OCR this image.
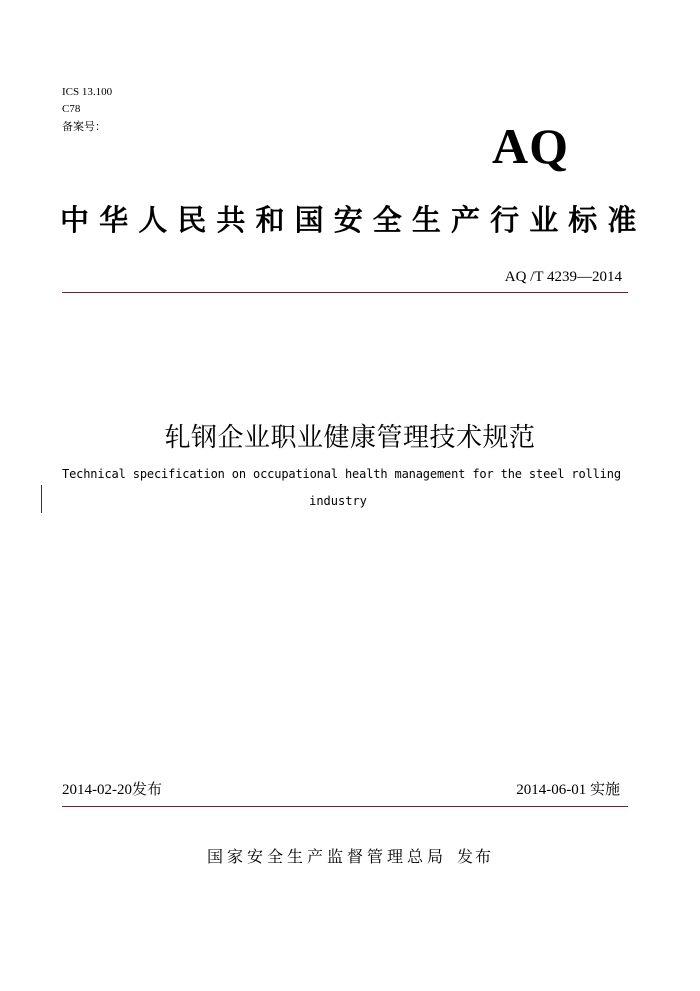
ICS 13.100
C78
备案号：	AQ
中华人民共和国安全生产行业标准
AQ /T 4239—2014
轧钢企业职业健康管理技术规范
Technical specification on occupational health management for the steel rolling
industry
2014-02-20发布	2014-06-01 实施
国家安全生产监督管理总局 发布
